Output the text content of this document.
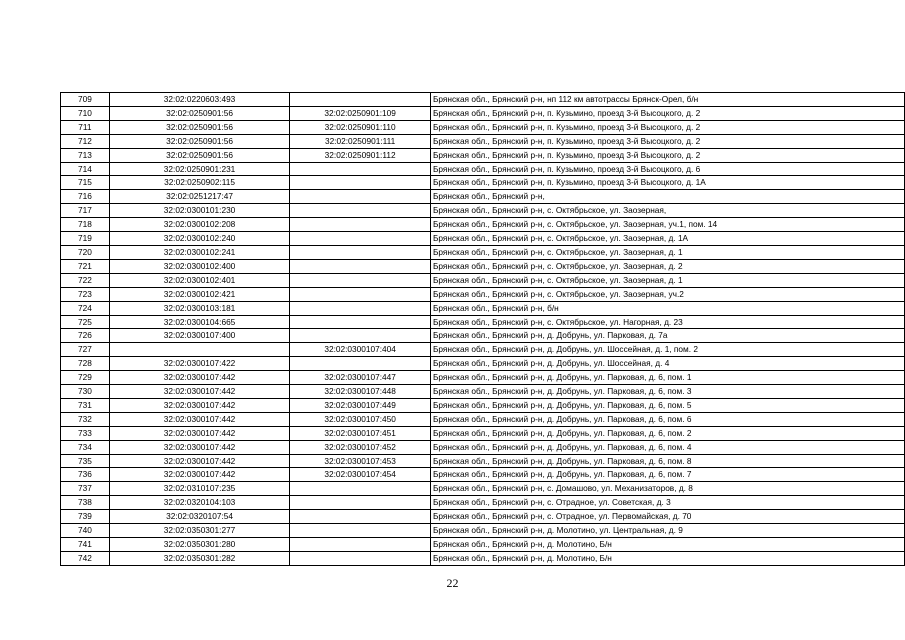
709	32:02:0220603:493		Брянская обл., Брянский р-н, нп 112 км автотрассы Брянск-Орел, б/н
710	32:02:0250901:56	32:02:0250901:109	Брянская обл., Брянский р-н, п. Кузьмино, проезд 3-й Высоцкого, д. 2
711	32:02:0250901:56	32:02:0250901:110	Брянская обл., Брянский р-н, п. Кузьмино, проезд 3-й Высоцкого, д. 2
712	32:02:0250901:56	32:02:0250901:111	Брянская обл., Брянский р-н, п. Кузьмино, проезд 3-й Высоцкого, д. 2
713	32:02:0250901:56	32:02:0250901:112	Брянская обл., Брянский р-н, п. Кузьмино, проезд 3-й Высоцкого, д. 2
714	32:02:0250901:231		Брянская обл., Брянский р-н, п. Кузьмино, проезд 3-й Высоцкого, д. 6
715	32:02:0250902:115		Брянская обл., Брянский р-н, п. Кузьмино, проезд 3-й Высоцкого, д. 1А
716	32:02:0251217:47		Брянская обл., Брянский р-н,
717	32:02:0300101:230		Брянская обл., Брянский р-н, с. Октябрьское, ул. Заозерная,
718	32:02:0300102:208		Брянская обл., Брянский р-н, с. Октябрьское, ул. Заозерная, уч.1, пом. 14
719	32:02:0300102:240		Брянская обл., Брянский р-н, с. Октябрьское, ул. Заозерная, д. 1А
720	32:02:0300102:241		Брянская обл., Брянский р-н, с. Октябрьское, ул. Заозерная, д. 1
721	32:02:0300102:400		Брянская обл., Брянский р-н, с. Октябрьское, ул. Заозерная, д. 2
722	32:02:0300102:401		Брянская обл., Брянский р-н, с. Октябрьское, ул. Заозерная, д. 1
723	32:02:0300102:421		Брянская обл., Брянский р-н, с. Октябрьское, ул. Заозерная, уч.2
724	32:02:0300103:181		Брянская обл., Брянский р-н, б/н
725	32:02:0300104:665		Брянская обл., Брянский р-н, с. Октябрьское, ул. Нагорная, д. 23
726	32:02:0300107:400		Брянская обл., Брянский р-н, д. Добрунь, ул. Парковая, д. 7а
727		32:02:0300107:404	Брянская обл., Брянский р-н, д. Добрунь, ул. Шоссейная, д. 1, пом. 2
728	32:02:0300107:422		Брянская обл., Брянский р-н, д. Добрунь, ул. Шоссейная, д. 4
729	32:02:0300107:442	32:02:0300107:447	Брянская обл., Брянский р-н, д. Добрунь, ул. Парковая, д. 6, пом. 1
730	32:02:0300107:442	32:02:0300107:448	Брянская обл., Брянский р-н, д. Добрунь, ул. Парковая, д. 6, пом. 3
731	32:02:0300107:442	32:02:0300107:449	Брянская обл., Брянский р-н, д. Добрунь, ул. Парковая, д. 6, пом. 5
732	32:02:0300107:442	32:02:0300107:450	Брянская обл., Брянский р-н, д. Добрунь, ул. Парковая, д. 6, пом. 6
733	32:02:0300107:442	32:02:0300107:451	Брянская обл., Брянский р-н, д. Добрунь, ул. Парковая, д. 6, пом. 2
734	32:02:0300107:442	32:02:0300107:452	Брянская обл., Брянский р-н, д. Добрунь, ул. Парковая, д. 6, пом. 4
735	32:02:0300107:442	32:02:0300107:453	Брянская обл., Брянский р-н, д. Добрунь, ул. Парковая, д. 6, пом. 8
736	32:02:0300107:442	32:02:0300107:454	Брянская обл., Брянский р-н, д. Добрунь, ул. Парковая, д. 6, пом. 7
737	32:02:0310107:235		Брянская обл., Брянский р-н, с. Домашово, ул. Механизаторов, д. 8
738	32:02:0320104:103		Брянская обл., Брянский р-н, с. Отрадное, ул. Советская, д. 3
739	32:02:0320107:54		Брянская обл., Брянский р-н, с. Отрадное, ул. Первомайская, д. 70
740	32:02:0350301:277		Брянская обл., Брянский р-н, д. Молотино, ул. Центральная, д. 9
741	32:02:0350301:280		Брянская обл., Брянский р-н, д. Молотино, Б/н
742	32:02:0350301:282		Брянская обл., Брянский р-н, д. Молотино, Б/н
22
